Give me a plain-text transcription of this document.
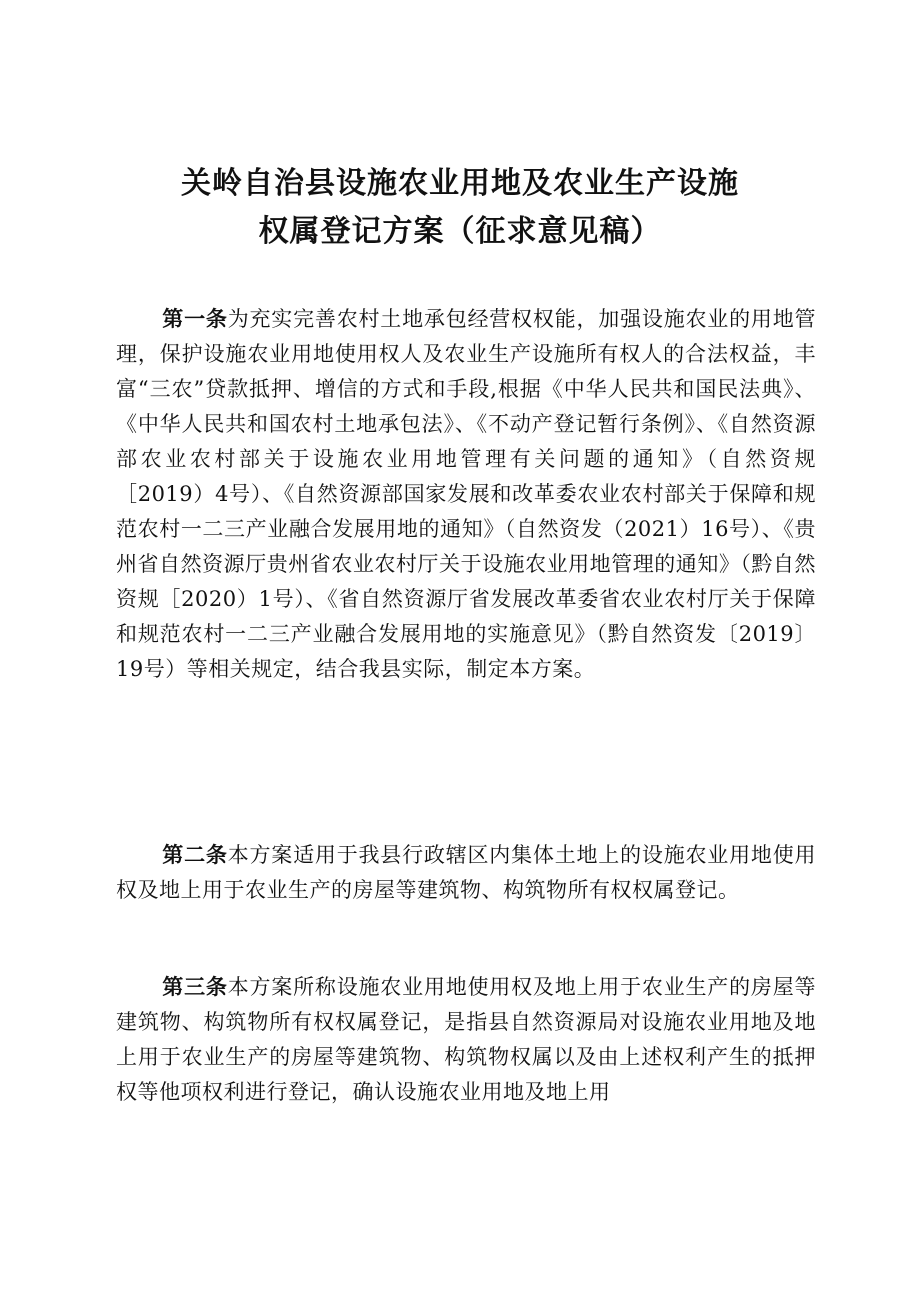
关岭自治县设施农业用地及农业生产设施
权属登记方案（征求意见稿）

第一条为充实完善农村土地承包经营权权能，加强设施农业的用地管理，保护设施农业用地使用权人及农业生产设施所有权人的合法权益，丰富“三农”贷款抵押、增信的方式和手段,根据《中华人民共和国民法典》、《中华人民共和国农村土地承包法》、《不动产登记暂行条例》、《自然资源部农业农村部关于设施农业用地管理有关问题的通知》（自然资规［2019）4号）、《自然资源部国家发展和改革委农业农村部关于保障和规范农村一二三产业融合发展用地的通知》（自然资发（2021）16号）、《贵州省自然资源厅贵州省农业农村厅关于设施农业用地管理的通知》（黔自然资规［2020）1号）、《省自然资源厅省发展改革委省农业农村厅关于保障和规范农村一二三产业融合发展用地的实施意见》（黔自然资发〔2019〕19号）等相关规定，结合我县实际，制定本方案。

第二条本方案适用于我县行政辖区内集体土地上的设施农业用地使用权及地上用于农业生产的房屋等建筑物、构筑物所有权权属登记。

第三条本方案所称设施农业用地使用权及地上用于农业生产的房屋等建筑物、构筑物所有权权属登记，是指县自然资源局对设施农业用地及地上用于农业生产的房屋等建筑物、构筑物权属以及由上述权利产生的抵押权等他项权利进行登记，确认设施农业用地及地上用
